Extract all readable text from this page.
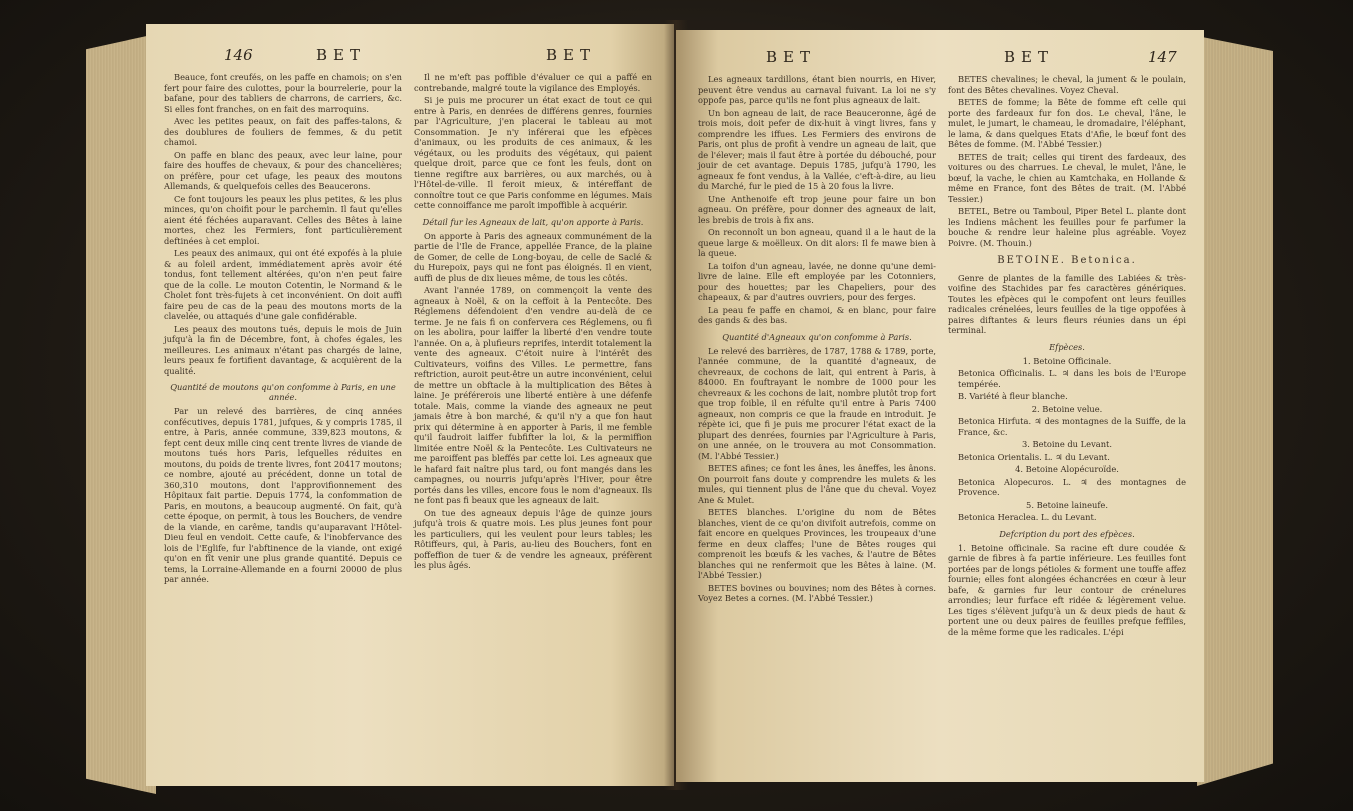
146	BET	BET

Beauce, font creufés, on les paffe en chamois; on s'en fert pour faire des culottes, pour la bourrelerie, pour la bafane, pour des tabliers de charrons, de carriers, &c. Si elles font franches, on en fait des marroquins.

Avec les petites peaux, on fait des paffes-talons, & des doublures de fouliers de femmes, & du petit chamoi.

On paffe en blanc des peaux, avec leur laine, pour faire des houffes de chevaux, & pour des chancelières; on préfère, pour cet ufage, les peaux des moutons Allemands, & quelquefois celles des Beaucerons.

Ce font toujours les peaux les plus petites, & les plus minces, qu'on choifit pour le parchemin. Il faut qu'elles aient été féchées auparavant. Celles des Bêtes à laine mortes, chez les Fermiers, font particulièrement deftinées à cet emploi.

Les peaux des animaux, qui ont été expofés à la pluie & au foleil ardent, immédiatement après avoir été tondus, font tellement altérées, qu'on n'en peut faire que de la colle. Le mouton Cotentin, le Normand & le Cholet font très-fujets à cet inconvénient. On doit auffi faire peu de cas de la peau des moutons morts de la clavelée, ou attaqués d'une gale confidérable.

Les peaux des moutons tués, depuis le mois de Juin jufqu'à la fin de Décembre, font, à chofes égales, les meilleures. Les animaux n'étant pas chargés de laine, leurs peaux fe fortifient davantage, & acquièrent de la qualité.

Quantité de moutons qu'on confomme à Paris, en une année.

Par un relevé des barrières, de cinq années confécutives, depuis 1781, jufques, & y compris 1785, il entre, à Paris, année commune, 339,823 moutons, & fept cent deux mille cinq cent trente livres de viande de moutons tués hors Paris, lefquelles réduites en moutons, du poids de trente livres, font 20417 moutons; ce nombre, ajouté au précédent, donne un total de 360,310 moutons, dont l'approvifionnement des Hôpitaux fait partie. Depuis 1774, la confommation de Paris, en moutons, a beaucoup augmenté. On fait, qu'à cette époque, on permit, à tous les Bouchers, de vendre de la viande, en carême, tandis qu'auparavant l'Hôtel-Dieu feul en vendoit. Cette caufe, & l'inobfervance des lois de l'Eglife, fur l'abftinence de la viande, ont exigé qu'on en fît venir une plus grande quantité. Depuis ce tems, la Lorraine-Allemande en a fourni 20000 de plus par année.

Il ne m'eft pas poffible d'évaluer ce qui a paffé en contrebande, malgré toute la vigilance des Employés.

Si je puis me procurer un état exact de tout ce qui entre à Paris, en denrées de différens genres, fournies par l'Agriculture, j'en placerai le tableau au mot Consommation. Je n'y inférerai que les efpèces d'animaux, ou les produits de ces animaux, & les végétaux, ou les produits des végétaux, qui paient quelque droit, parce que ce font les feuls, dont on tienne regiftre aux barrières, ou aux marchés, ou à l'Hôtel-de-ville. Il feroit mieux, & intéreffant de connoître tout ce que Paris confomme en légumes. Mais cette connoiffance me paroît impoffible à acquérir.

Détail fur les Agneaux de lait, qu'on apporte à Paris.

On apporte à Paris des agneaux communément de la partie de l'Ile de France, appellée France, de la plaine de Gomer, de celle de Long-boyau, de celle de Saclé & du Hurepoix, pays qui ne font pas éloignés. Il en vient, auffi de plus de dix lieues même, de tous les côtés.

Avant l'année 1789, on commençoit la vente des agneaux à Noël, & on la ceffoit à la Pentecôte. Des Réglemens défendoient d'en vendre au-delà de ce terme. Je ne fais fi on confervera ces Réglemens, ou fi on les abolira, pour laiffer la liberté d'en vendre toute l'année. On a, à plufieurs reprifes, interdit totalement la vente des agneaux. C'étoit nuire à l'intérêt des Cultivateurs, voifins des Villes. Le permettre, fans reftriction, auroit peut-être un autre inconvénient, celui de mettre un obftacle à la multiplication des Bêtes à laine. Je préférerois une liberté entière à une défenfe totale. Mais, comme la viande des agneaux ne peut jamais être à bon marché, & qu'il n'y a que fon haut prix qui détermine à en apporter à Paris, il me femble qu'il faudroit laiffer fubfifter la loi, & la permiffion limitée entre Noël & la Pentecôte. Les Cultivateurs ne me paroiffent pas bleffés par cette loi. Les agneaux que le hafard fait naître plus tard, ou font mangés dans les campagnes, ou nourris jufqu'après l'Hiver, pour être portés dans les villes, encore fous le nom d'agneaux. Ils ne font pas fi beaux que les agneaux de lait.

On tue des agneaux depuis l'âge de quinze jours jufqu'à trois & quatre mois. Les plus jeunes font pour les particuliers, qui les veulent pour leurs tables; les Rôtiffeurs, qui, à Paris, au-lieu des Bouchers, font en poffeffion de tuer & de vendre les agneaux, préfèrent les plus âgés.

BET	BET	147

Les agneaux tardillons, étant bien nourris, en Hiver, peuvent être vendus au carnaval fuivant. La loi ne s'y oppofe pas, parce qu'ils ne font plus agneaux de lait.

Un bon agneau de lait, de race Beauceronne, âgé de trois mois, doit pefer de dix-huit à vingt livres, fans y comprendre les iffues. Les Fermiers des environs de Paris, ont plus de profit à vendre un agneau de lait, que de l'élever; mais il faut être à portée du débouché, pour jouir de cet avantage. Depuis 1785, jufqu'à 1790, les agneaux fe font vendus, à la Vallée, c'eft-à-dire, au lieu du Marché, fur le pied de 15 à 20 fous la livre.

Une Anthenoife eft trop jeune pour faire un bon agneau. On préfère, pour donner des agneaux de lait, les brebis de trois à fix ans.

On reconnoît un bon agneau, quand il a le haut de la queue large & moëlleux. On dit alors: Il fe mawe bien à la queue.

La toifon d'un agneau, lavée, ne donne qu'une demi-livre de laine. Elle eft employée par les Cotonniers, pour des houettes; par les Chapeliers, pour des chapeaux, & par d'autres ouvriers, pour des ferges.

La peau fe paffe en chamoi, & en blanc, pour faire des gands & des bas.

Quantité d'Agneaux qu'on confomme à Paris.

Le relevé des barrières, de 1787, 1788 & 1789, porte, l'année commune, de la quantité d'agneaux, de chevreaux, de cochons de lait, qui entrent à Paris, à 84000. En fouftrayant le nombre de 1000 pour les chevreaux & les cochons de lait, nombre plutôt trop fort que trop foible, il en réfulte qu'il entre à Paris 7400 agneaux, non compris ce que la fraude en introduit. Je répète ici, que fi je puis me procurer l'état exact de la plupart des denrées, fournies par l'Agriculture à Paris, on une année, on le trouvera au mot Consommation. (M. l'Abbé Tessier.)

BETES afines; ce font les ânes, les âneffes, les ânons. On pourroit fans doute y comprendre les mulets & les mules, qui tiennent plus de l'âne que du cheval. Voyez Ane & Mulet.

BETES blanches. L'origine du nom de Bêtes blanches, vient de ce qu'on divifoit autrefois, comme on fait encore en quelques Provinces, les troupeaux d'une ferme en deux claffes; l'une de Bêtes rouges qui comprenoit les bœufs & les vaches, & l'autre de Bêtes blanches qui ne renfermoit que les Bêtes à laine. (M. l'Abbé Tessier.)

BETES bovines ou bouvines; nom des Bêtes à cornes. Voyez Betes a cornes. (M. l'Abbé Tessier.)

BETES chevalines; le cheval, la jument & le poulain, font des Bêtes chevalines. Voyez Cheval.

BETES de fomme; la Bête de fomme eft celle qui porte des fardeaux fur fon dos. Le cheval, l'âne, le mulet, le jumart, le chameau, le dromadaire, l'éléphant, le lama, & dans quelques Etats d'Afie, le bœuf font des Bêtes de fomme. (M. l'Abbé Tessier.)

BETES de trait; celles qui tirent des fardeaux, des voitures ou des charrues. Le cheval, le mulet, l'âne, le bœuf, la vache, le chien au Kamtchaka, en Hollande & même en France, font des Bêtes de trait. (M. l'Abbé Tessier.)

BETEL, Betre ou Tamboul, Piper Betel L. plante dont les Indiens mâchent les feuilles pour fe parfumer la bouche & rendre leur haleine plus agréable. Voyez Poivre. (M. Thouin.)

BETOINE. Betonica.

Genre de plantes de la famille des Labiées & très-voifine des Stachides par fes caractères génériques. Toutes les efpèces qui le compofent ont leurs feuilles radicales crénelées, leurs feuilles de la tige oppofées à paires diftantes & leurs fleurs réunies dans un épi terminal.

Efpèces.

1. Betoine Officinale.

Betonica Officinalis. L. ♃ dans les bois de l'Europe tempérée.

B. Variété à fleur blanche.

2. Betoine velue.

Betonica Hirfuta. ♃ des montagnes de la Suiffe, de la France, &c.

3. Betoine du Levant.

Betonica Orientalis. L. ♃ du Levant.

4. Betoine Alopécuroïde.

Betonica Alopecuros. L. ♃ des montagnes de Provence.

5. Betoine laineufe.

Betonica Heraclea. L. du Levant.

Defcription du port des efpèces.

1. Betoine officinale. Sa racine eft dure coudée & garnie de fibres à fa partie inférieure. Les feuilles font portées par de longs pétioles & forment une touffe affez fournie; elles font alongées échancrées en cœur à leur bafe, & garnies fur leur contour de crénelures arrondies; leur furface eft ridée & légèrement velue. Les tiges s'élèvent jufqu'à un & deux pieds de haut & portent une ou deux paires de feuilles prefque feffiles, de la même forme que les radicales. L'épi
